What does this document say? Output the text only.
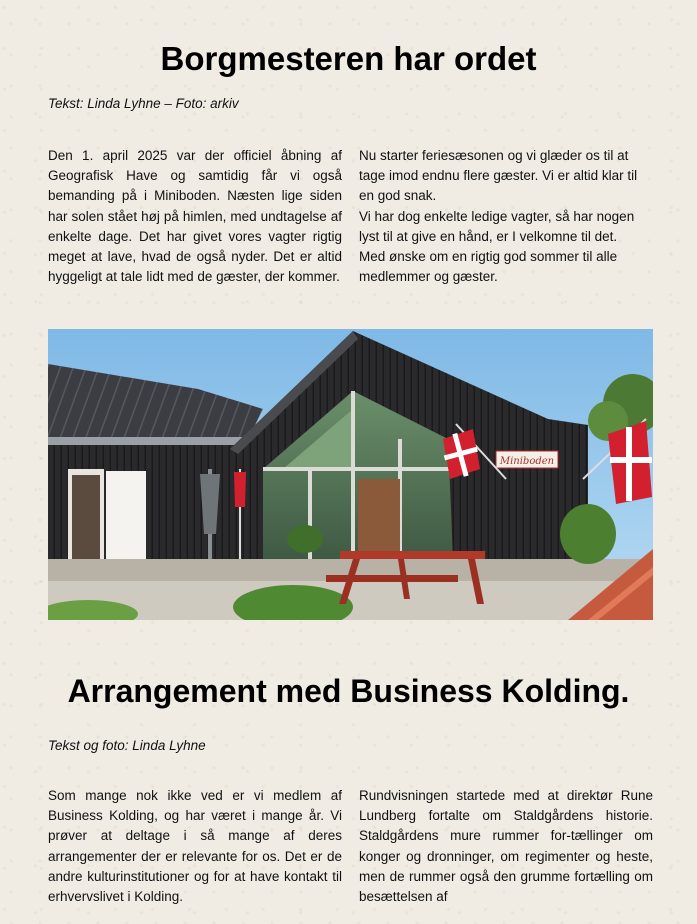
Borgmesteren har ordet
Tekst: Linda Lyhne – Foto: arkiv

Den 1. april 2025 var der officiel åbning af Geografisk Have og samtidig får vi også bemanding på i Miniboden. Næsten lige siden har solen stået høj på himlen, med undtagelse af enkelte dage. Det har givet vores vagter rigtig meget at lave, hvad de også nyder. Det er altid hyggeligt at tale lidt med de gæster, der kommer.

Nu starter feriesæsonen og vi glæder os til at tage imod endnu flere gæster. Vi er altid klar til en god snak.

Vi har dog enkelte ledige vagter, så har nogen lyst til at give en hånd, er I velkomne til det.

Med ønske om en rigtig god sommer til alle medlemmer og gæster.

Miniboden
Arrangement med Business Kolding.
Tekst og foto: Linda Lyhne

Som mange nok ikke ved er vi medlem af Business Kolding, og har været i mange år. Vi prøver at deltage i så mange af deres arrangementer der er relevante for os. Det er de andre kulturinstitutioner og for at have kontakt til erhvervslivet i Kolding.

Rundvisningen startede med at direktør Rune Lundberg fortalte om Staldgårdens historie. Staldgårdens mure rummer for-tællinger om konger og dronninger, om regimenter og heste, men de rummer også den grumme fortælling om besættelsen af
